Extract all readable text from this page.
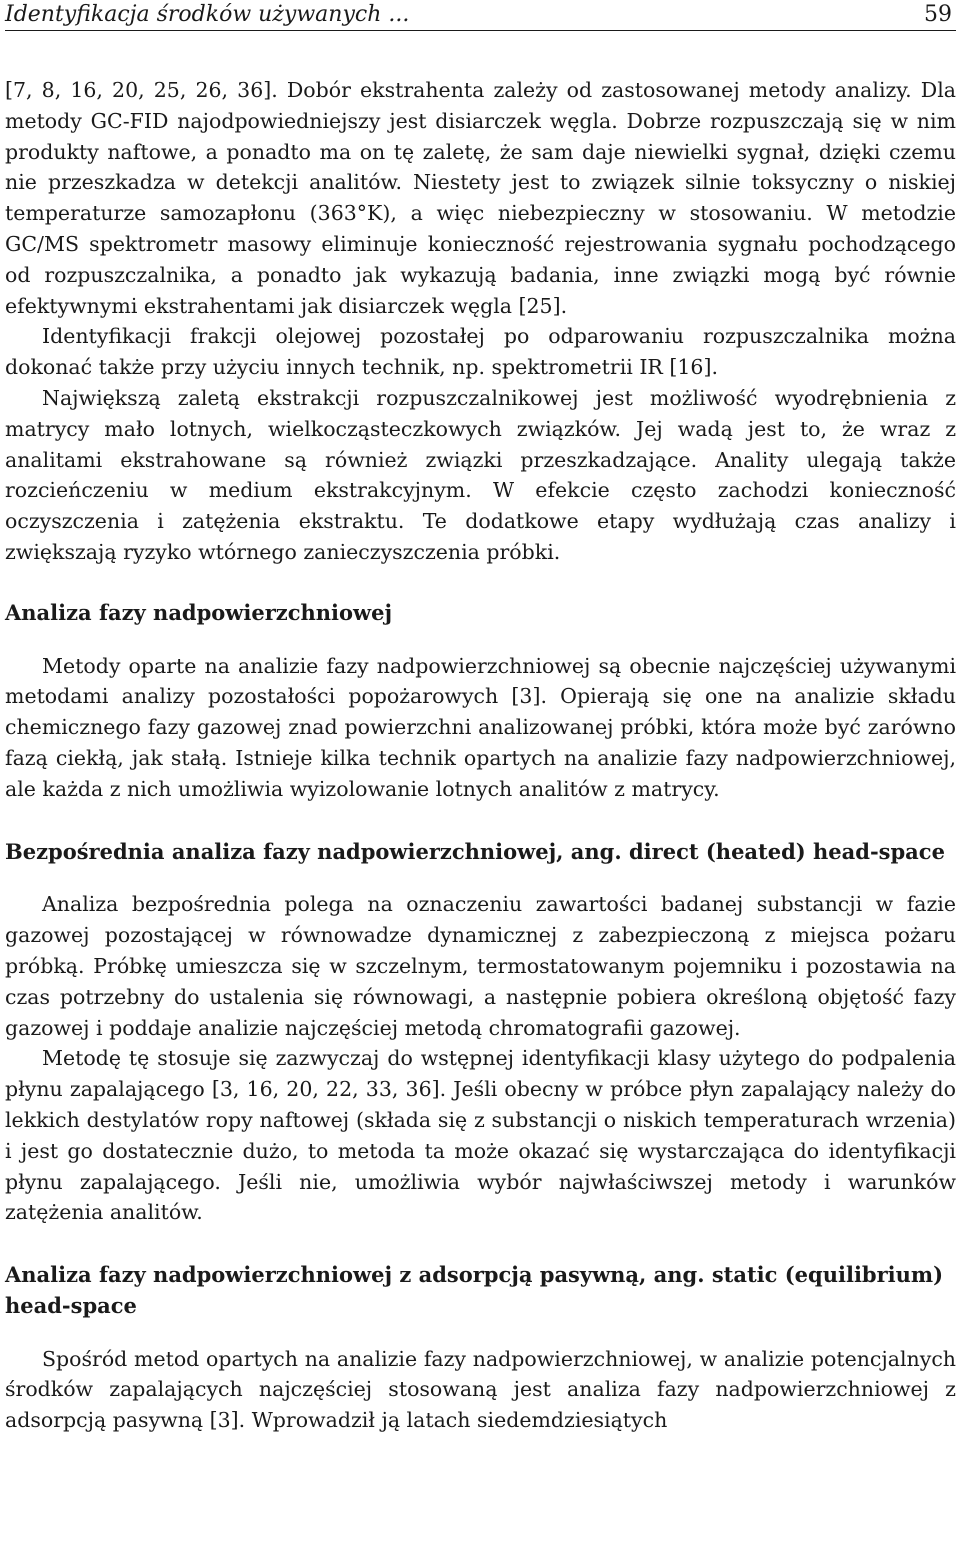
Identyfikacja środków używanych ...	59

[7, 8, 16, 20, 25, 26, 36]. Dobór ekstrahenta zależy od zastosowanej metody analizy. Dla metody GC-FID najodpowiedniejszy jest disiarczek węgla. Dobrze rozpuszczają się w nim produkty naftowe, a ponadto ma on tę zaletę, że sam daje niewielki sygnał, dzięki czemu nie przeszkadza w detekcji analitów. Niestety jest to związek silnie toksyczny o niskiej temperaturze samozapłonu (363°K), a więc niebezpieczny w stosowaniu. W metodzie GC/MS spektrometr masowy eliminuje konieczność rejestrowania sygnału pochodzącego od rozpuszczalnika, a ponadto jak wykazują badania, inne związki mogą być równie efektywnymi ekstrahentami jak disiarczek węgla [25].

Identyfikacji frakcji olejowej pozostałej po odparowaniu rozpuszczalnika można dokonać także przy użyciu innych technik, np. spektrometrii IR [16].

Największą zaletą ekstrakcji rozpuszczalnikowej jest możliwość wyodrębnienia z matrycy mało lotnych, wielkocząsteczkowych związków. Jej wadą jest to, że wraz z analitami ekstrahowane są również związki przeszkadzające. Anality ulegają także rozcieńczeniu w medium ekstrakcyjnym. W efekcie często zachodzi konieczność oczyszczenia i zatężenia ekstraktu. Te dodatkowe etapy wydłużają czas analizy i zwiększają ryzyko wtórnego zanieczyszczenia próbki.

Analiza fazy nadpowierzchniowej

Metody oparte na analizie fazy nadpowierzchniowej są obecnie najczęściej używanymi metodami analizy pozostałości popożarowych [3]. Opierają się one na analizie składu chemicznego fazy gazowej znad powierzchni analizowanej próbki, która może być zarówno fazą ciekłą, jak stałą. Istnieje kilka technik opartych na analizie fazy nadpowierzchniowej, ale każda z nich umożliwia wyizolowanie lotnych analitów z matrycy.

Bezpośrednia analiza fazy nadpowierzchniowej, ang. direct (heated) head-space

Analiza bezpośrednia polega na oznaczeniu zawartości badanej substancji w fazie gazowej pozostającej w równowadze dynamicznej z zabezpieczoną z miejsca pożaru próbką. Próbkę umieszcza się w szczelnym, termostatowanym pojemniku i pozostawia na czas potrzebny do ustalenia się równowagi, a następnie pobiera określoną objętość fazy gazowej i poddaje analizie najczęściej metodą chromatografii gazowej.

Metodę tę stosuje się zazwyczaj do wstępnej identyfikacji klasy użytego do podpalenia płynu zapalającego [3, 16, 20, 22, 33, 36]. Jeśli obecny w próbce płyn zapalający należy do lekkich destylatów ropy naftowej (składa się z substancji o niskich temperaturach wrzenia) i jest go dostatecznie dużo, to metoda ta może okazać się wystarczająca do identyfikacji płynu zapalającego. Jeśli nie, umożliwia wybór najwłaściwszej metody i warunków zatężenia analitów.

Analiza fazy nadpowierzchniowej z adsorpcją pasywną, ang. static (equilibrium) head-space

Spośród metod opartych na analizie fazy nadpowierzchniowej, w analizie potencjalnych środków zapalających najczęściej stosowaną jest analiza fazy nadpowierzchniowej z adsorpcją pasywną [3]. Wprowadził ją latach siedemdziesiątych
